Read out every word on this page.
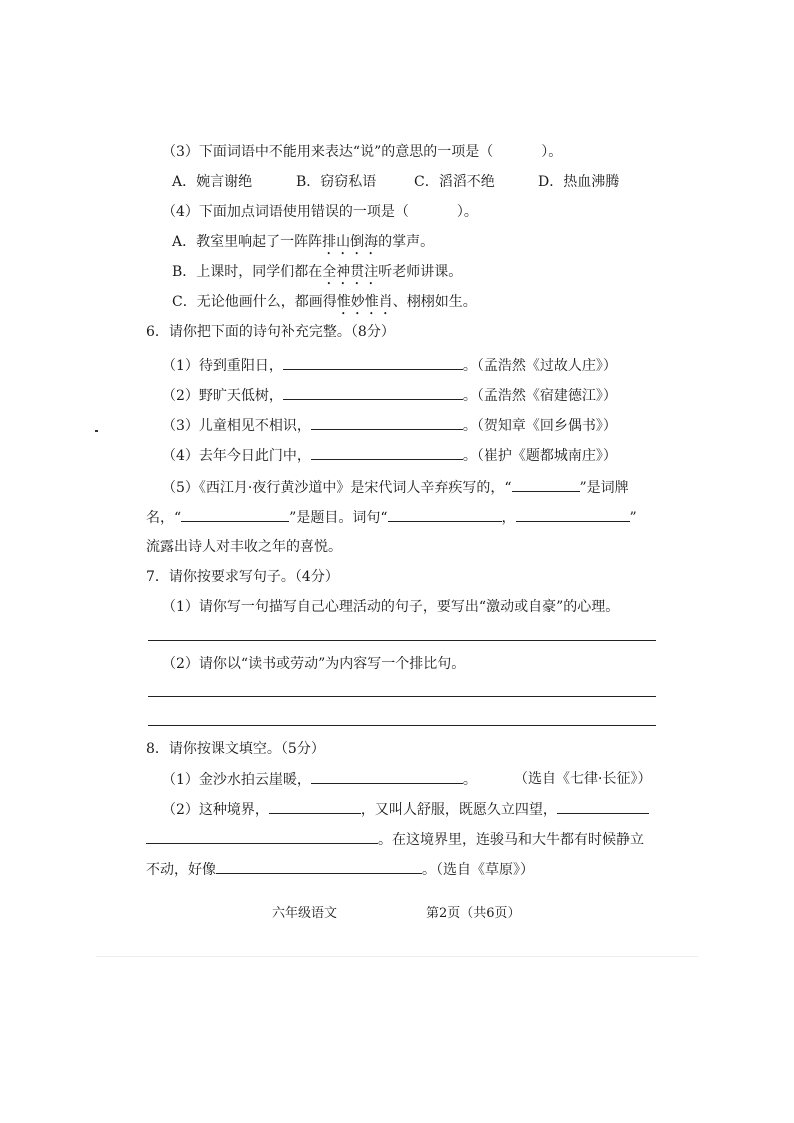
（3）下面词语中不能用来表达“说”的意思的一项是（	）。
A．婉言谢绝	B．窃窃私语	C．滔滔不绝	D．热血沸腾
（4）下面加点词语使用错误的一项是（	）。
A．教室里响起了一阵阵排山倒海的掌声。
B．上课时，同学们都在全神贯注听老师讲课。
C．无论他画什么，都画得惟妙惟肖、栩栩如生。
6．请你把下面的诗句补充完整。（8分）
（1）待到重阳日，	。（孟浩然《过故人庄》）
（2）野旷天低树，	。（孟浩然《宿建德江》）
（3）儿童相见不相识，	。（贺知章《回乡偶书》）
（4）去年今日此门中，	。（崔护《题都城南庄》）
（5）《西江月·夜行黄沙道中》是宋代词人辛弃疾写的，“	”是词牌
名，“	”是题目。词句“	，	”
流露出诗人对丰收之年的喜悦。
7．请你按要求写句子。（4分）
（1）请你写一句描写自己心理活动的句子，要写出“激动或自豪”的心理。
（2）请你以“读书或劳动”为内容写一个排比句。
8．请你按课文填空。（5分）
（1）金沙水拍云崖暖，	。	（选自《七律·长征》）
（2）这种境界，	，又叫人舒服，既愿久立四望，
。在这境界里，连骏马和大牛都有时候静立
不动，好像	。（选自《草原》）
六年级语文	第2页（共6页）
